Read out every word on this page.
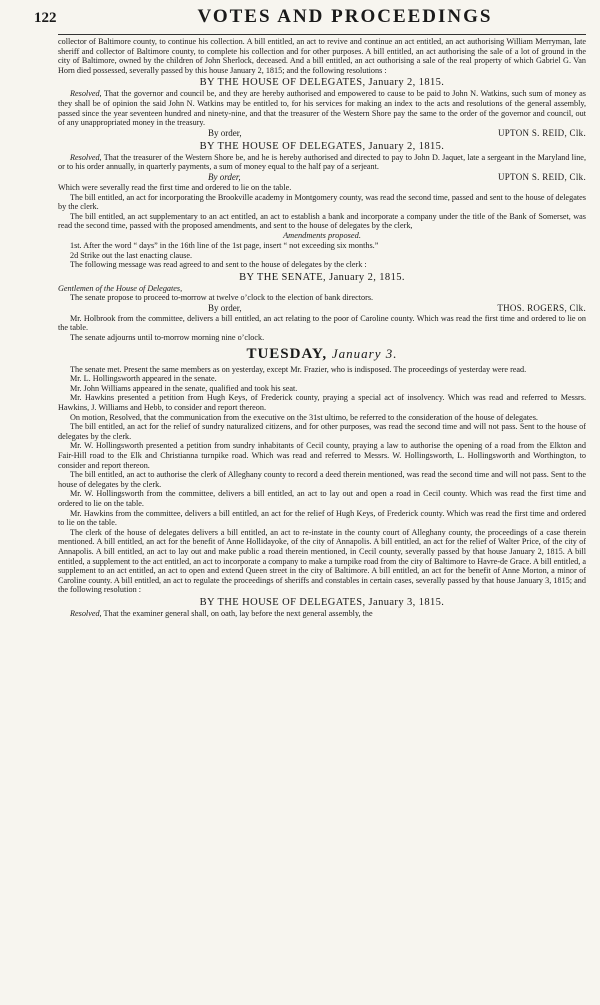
122	VOTES AND PROCEEDINGS

collector of Baltimore county, to continue his collection. A bill entitled, an act to revive and continue an act entitled, an act authorising William Merryman, late sheriff and collector of Baltimore county, to complete his collection and for other purposes. A bill entitled, an act authorising the sale of a lot of ground in the city of Baltimore, owned by the children of John Sherlock, deceased. And a bill entitled, an act outhorising a sale of the real property of which Gabriel G. Van Horn died possessed, severally passed by this house January 2, 1815; and the following resolutions :

BY THE HOUSE OF DELEGATES, January 2, 1815.

Resolved, That the governor and council be, and they are hereby authorised and empowered to cause to be paid to John N. Watkins, such sum of money as they shall be of opinion the said John N. Watkins may be entitled to, for his services for making an index to the acts and resolutions of the general assembly, passed since the year seventeen hundred and ninety-nine, and that the treasurer of the Western Shore pay the same to the order of the governor and council, out of any unappropriated money in the treasury.

By order,	UPTON S. REID, Clk.
BY THE HOUSE OF DELEGATES, January 2, 1815.

Resolved, That the treasurer of the Western Shore be, and he is hereby authorised and directed to pay to John D. Jaquet, late a sergeant in the Maryland line, or to his order annually, in quarterly payments, a sum of money equal to the half pay of a serjeant.

By order,	UPTON S. REID, Clk.

Which were severally read the first time and ordered to lie on the table.

The bill entitled, an act for incorporating the Brookville academy in Montgomery county, was read the second time, passed and sent to the house of delegates by the clerk.

The bill entitled, an act supplementary to an act entitled, an act to establish a bank and incorporate a company under the title of the Bank of Somerset, was read the second time, passed with the proposed amendments, and sent to the house of delegates by the clerk,

Amendments proposed.

1st. After the word “ days” in the 16th line of the 1st page, insert “ not exceeding six months.”

2d Strike out the last enacting clause.

The following message was read agreed to and sent to the house of delegates by the clerk :

BY THE SENATE, January 2, 1815.

Gentlemen of the House of Delegates,

The senate propose to proceed to-morrow at twelve o’clock to the election of bank directors.

By order,	THOS. ROGERS, Clk.

Mr. Holbrook from the committee, delivers a bill entitled, an act relating to the poor of Caroline county. Which was read the first time and ordered to lie on the table.

The senate adjourns until to-morrow morning nine o’clock.

TUESDAY, January 3.

The senate met. Present the same members as on yesterday, except Mr. Frazier, who is indisposed. The proceedings of yesterday were read.

Mr. L. Hollingsworth appeared in the senate.

Mr. John Williams appeared in the senate, qualified and took his seat.

Mr. Hawkins presented a petition from Hugh Keys, of Frederick county, praying a special act of insolvency. Which was read and referred to Messrs. Hawkins, J. Williams and Hebb, to consider and report thereon.

On motion, Resolved, that the communication from the executive on the 31st ultimo, be referred to the consideration of the house of delegates.

The bill entitled, an act for the relief of sundry naturalized citizens, and for other purposes, was read the second time and will not pass. Sent to the house of delegates by the clerk.

Mr. W. Hollingsworth presented a petition from sundry inhabitants of Cecil county, praying a law to authorise the opening of a road from the Elkton and Fair-Hill road to the Elk and Christianna turnpike road. Which was read and referred to Messrs. W. Hollingsworth, L. Hollingsworth and Worthington, to consider and report thereon.

The bill entitled, an act to authorise the clerk of Alleghany county to record a deed therein mentioned, was read the second time and will not pass. Sent to the house of delegates by the clerk.

Mr. W. Hollingsworth from the committee, delivers a bill entitled, an act to lay out and open a road in Cecil county. Which was read the first time and ordered to lie on the table.

Mr. Hawkins from the committee, delivers a bill entitled, an act for the relief of Hugh Keys, of Frederick county. Which was read the first time and ordered to lie on the table.

The clerk of the house of delegates delivers a bill entitled, an act to re-instate in the county court of Alleghany county, the proceedings of a case therein mentioned. A bill entitled, an act for the benefit of Anne Hollidayoke, of the city of Annapolis. A bill entitled, an act for the relief of Walter Price, of the city of Annapolis. A bill entitled, an act to lay out and make public a road therein mentioned, in Cecil county, severally passed by that house January 2, 1815. A bill entitled, a supplement to the act entitled, an act to incorporate a company to make a turnpike road from the city of Baltimore to Havre-de Grace. A bill entitled, a supplement to an act entitled, an act to open and extend Queen street in the city of Baltimore. A bill entitled, an act for the benefit of Anne Morton, a minor of Caroline county. A bill entitled, an act to regulate the proceedings of sheriffs and constables in certain cases, severally passed by that house January 3, 1815; and the following resolution :

BY THE HOUSE OF DELEGATES, January 3, 1815.

Resolved, That the examiner general shall, on oath, lay before the next general assembly, the
